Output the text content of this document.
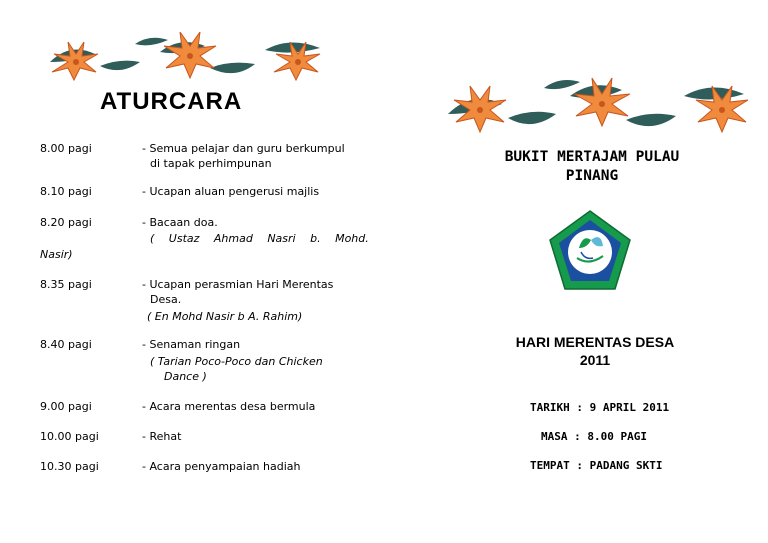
ATURCARA
8.00 pagi	- Semua pelajar dan guru berkumpul
di tapak perhimpunan
8.10 pagi	- Ucapan aluan pengerusi majlis
8.20 pagi	- Bacaan doa.
( Ustaz Ahmad Nasri b. Mohd.
Nasir)
8.35 pagi	- Ucapan perasmian Hari Merentas
Desa.
( En Mohd Nasir b A. Rahim)
8.40 pagi	- Senaman ringan
( Tarian Poco-Poco dan Chicken
Dance )
9.00 pagi	- Acara merentas desa bermula
10.00 pagi	- Rehat
10.30 pagi	- Acara penyampaian hadiah
BUKIT MERTAJAM PULAU
PINANG
HARI MERENTAS DESA
2011
TARIKH : 9 APRIL 2011
MASA : 8.00 PAGI
TEMPAT : PADANG SKTI
